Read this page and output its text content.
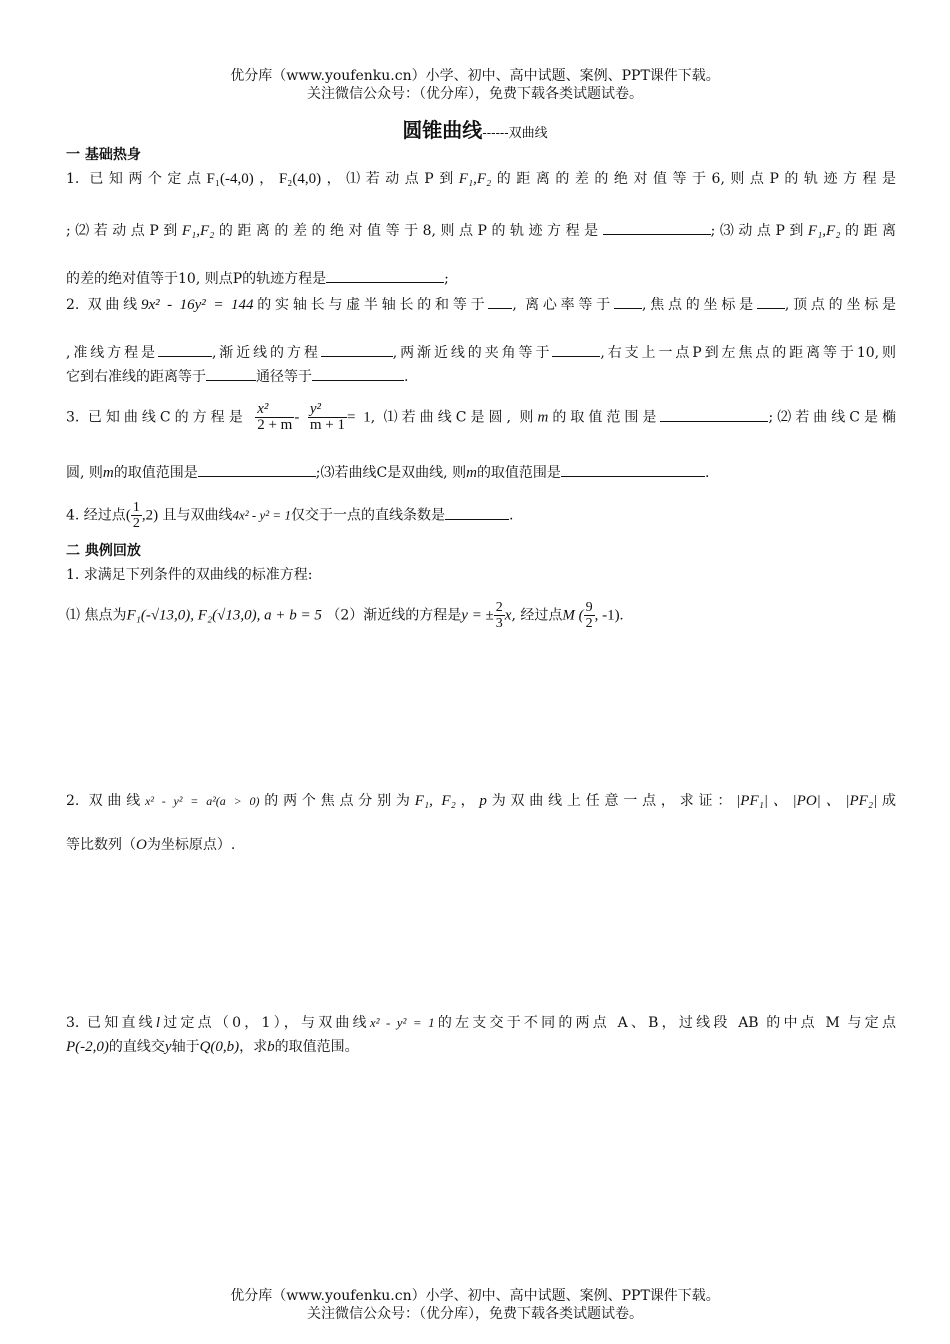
优分库（www.youfenku.cn）小学、初中、高中试题、案例、PPT课件下载。
关注微信公众号：（优分库），免费下载各类试题试卷。
圆锥曲线------双曲线
一 基础热身
1. 已知两个定点F₁(-4,0)，F₂(4,0)，⑴若动点P到F₁,F₂的距离的差的绝对值等于6,则点P的轨迹方程是
;⑵若动点P到F₁,F₂的距离的差的绝对值等于8,则点P的轨迹方程是	;⑶动点P到F₁,F₂的距离
的差的绝对值等于10, 则点P的轨迹方程是	;
2. 双曲线9x² - 16y² = 144的实轴长与虚半轴长的和等于 , 离心率等于 ,焦点的坐标是 ,顶点的坐标是
,准线方程是	,渐近线的方程	,两渐近线的夹角等于	,右支上一点P到左焦点的距离等于10,则
它到右准线的距离等于	通径等于	.
3. 已知曲线C的方程是 $\frac{\text{x²}}{2 + m} - \frac{\text{y²}}{m + 1} = 1$, ⑴若曲线C是圆, 则m的取值范围是	;⑵若曲线C是椭
圆, 则m的取值范围是	;⑶若曲线C是双曲线, 则m的取值范围是	.
4. 经过点( $\frac{1}{2} ,2$) 且与双曲线4x² - y² = 1仅交于一点的直线条数是	.
二 典例回放
1. 求满足下列条件的双曲线的标准方程:
⑴ 焦点为F₁(-√13,0), F₂(√13,0), a + b = 5 （2）渐近线的方程是y = ± $\frac{2}{3} x$, 经过点M ( $\frac{9}{2}$ , -1).
2. 双曲线x² - y² = a²(a > 0)的两个焦点分别为F₁, F₂，p为双曲线上任意一点，求证：|PF₁|、|PO|、|PF₂|成
等比数列（O为坐标原点）.
3. 已知直线l过定点（0，1），与双曲线x² - y² = 1的左支交于不同的两点 A、B，过线段 AB 的中点 M 与定点
P(-2,0)的直线交y轴于Q(0,b)，求b的取值范围。
优分库（www.youfenku.cn）小学、初中、高中试题、案例、PPT课件下载。
关注微信公众号：（优分库），免费下载各类试题试卷。
